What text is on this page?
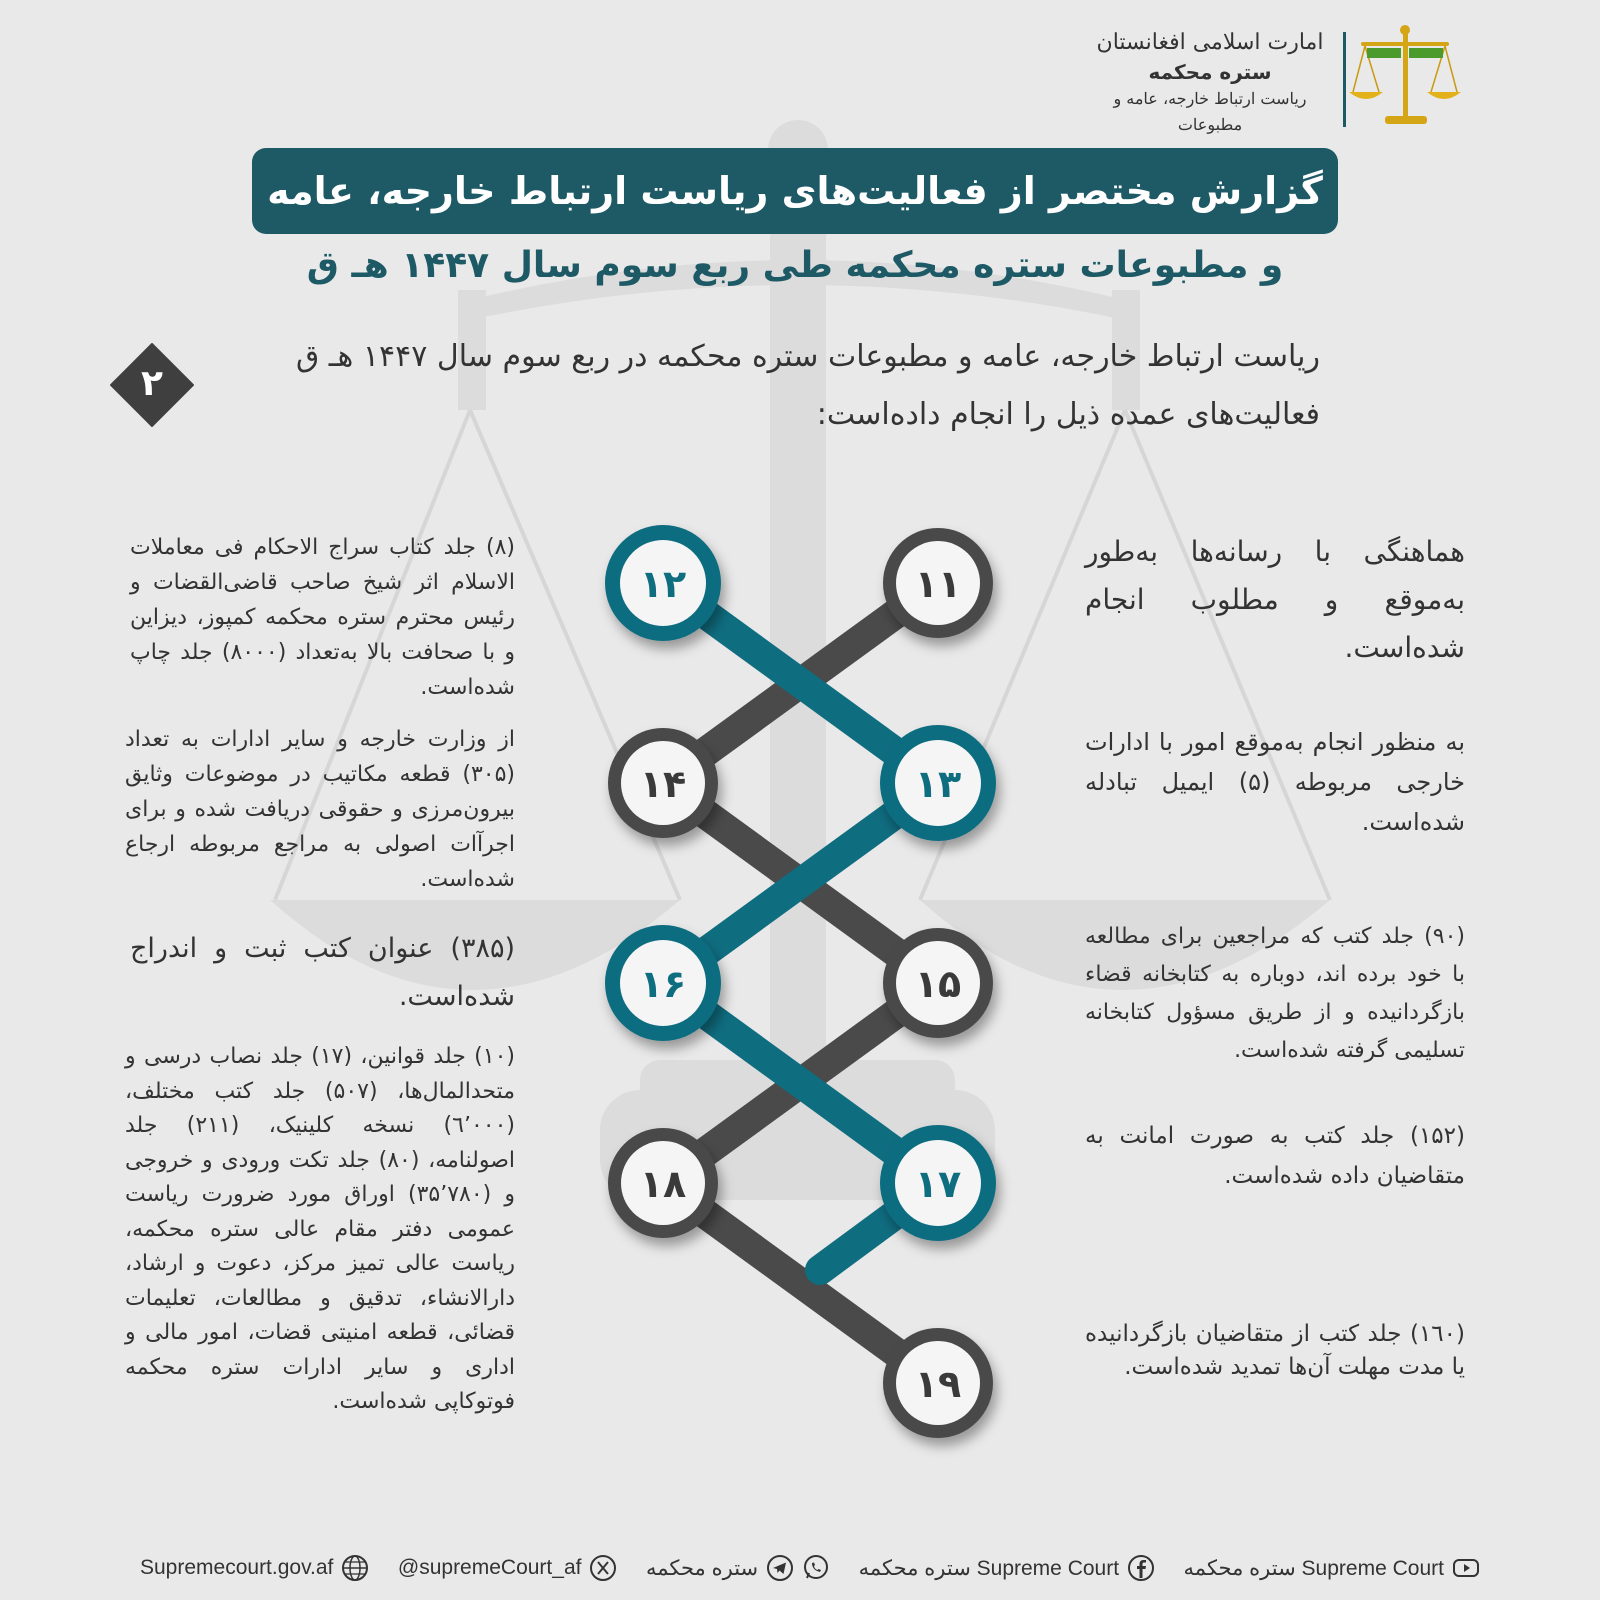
امارت اسلامی افغانستان
ستره محکمه
ریاست ارتباط خارجه، عامه و مطبوعات
گزارش مختصر از فعالیت‌های ریاست ارتباط خارجه، عامه
و مطبوعات ستره محکمه طی ربع سوم سال ۱۴۴۷ هـ ق
۲
ریاست ارتباط خارجه، عامه و مطبوعات ستره محکمه در ربع سوم سال ۱۴۴۷ هـ ق فعالیت‌های عمده ذیل را انجام داده‌است:
۱۱
۱۲
۱۳
۱۴
۱۵
۱۶
۱۷
۱۸
۱۹
هماهنگی با رسانه‌ها به‌طور به‌موقع و مطلوب انجام شده‌است.
به منظور انجام به‌موقع امور با ادارات خارجی مربوطه (۵) ایمیل تبادله شده‌است.
(۹۰) جلد کتب که مراجعین برای مطالعه با خود برده اند، دوباره به کتابخانه قضاء بازگردانیده و از طریق مسؤول کتابخانه تسلیمی گرفته شده‌است.
(۱۵۲) جلد کتب به صورت امانت به متقاضیان داده شده‌است.
(۱٦۰) جلد کتب از متقاضیان بازگردانیده یا مدت مهلت آن‌ها تمدید شده‌است.
(۸) جلد کتاب سراج الاحکام فی معاملات الاسلام اثر شیخ صاحب قاضی‌القضات و رئیس محترم ستره محکمه کمپوز، دیزاین و با صحافت بالا به‌تعداد (۸۰۰۰) جلد چاپ شده‌است.
از وزارت خارجه و سایر ادارات به تعداد (۳۰۵) قطعه مکاتیب در موضوعات وثایق بیرون‌مرزی و حقوقی دریافت شده و برای اجرآات اصولی به مراجع مربوطه ارجاع شده‌است.
(۳۸۵) عنوان کتب ثبت و اندراج شده‌است.
(۱۰) جلد قوانین، (۱۷) جلد نصاب درسی و متحدالمال‌ها، (۵۰۷) جلد کتب مختلف، (٦٬۰۰۰) نسخه کلینیک، (۲۱۱) جلد اصولنامه، (۸۰) جلد تکت ورودی و خروجی و (۳۵٬۷۸۰) اوراق مورد ضرورت ریاست عمومی دفتر مقام عالی ستره محکمه، ریاست عالی تمیز مرکز، دعوت و ارشاد، دارالانشاء، تدقیق و مطالعات، تعلیمات قضائی، قطعه امنیتی قضات، امور مالی و اداری و سایر ادارات ستره محکمه فوتوکاپی شده‌است.
ستره محکمه Supreme Court
ستره محکمه Supreme Court
ستره محکمه
@supremeCourt_af
Supremecourt.gov.af
